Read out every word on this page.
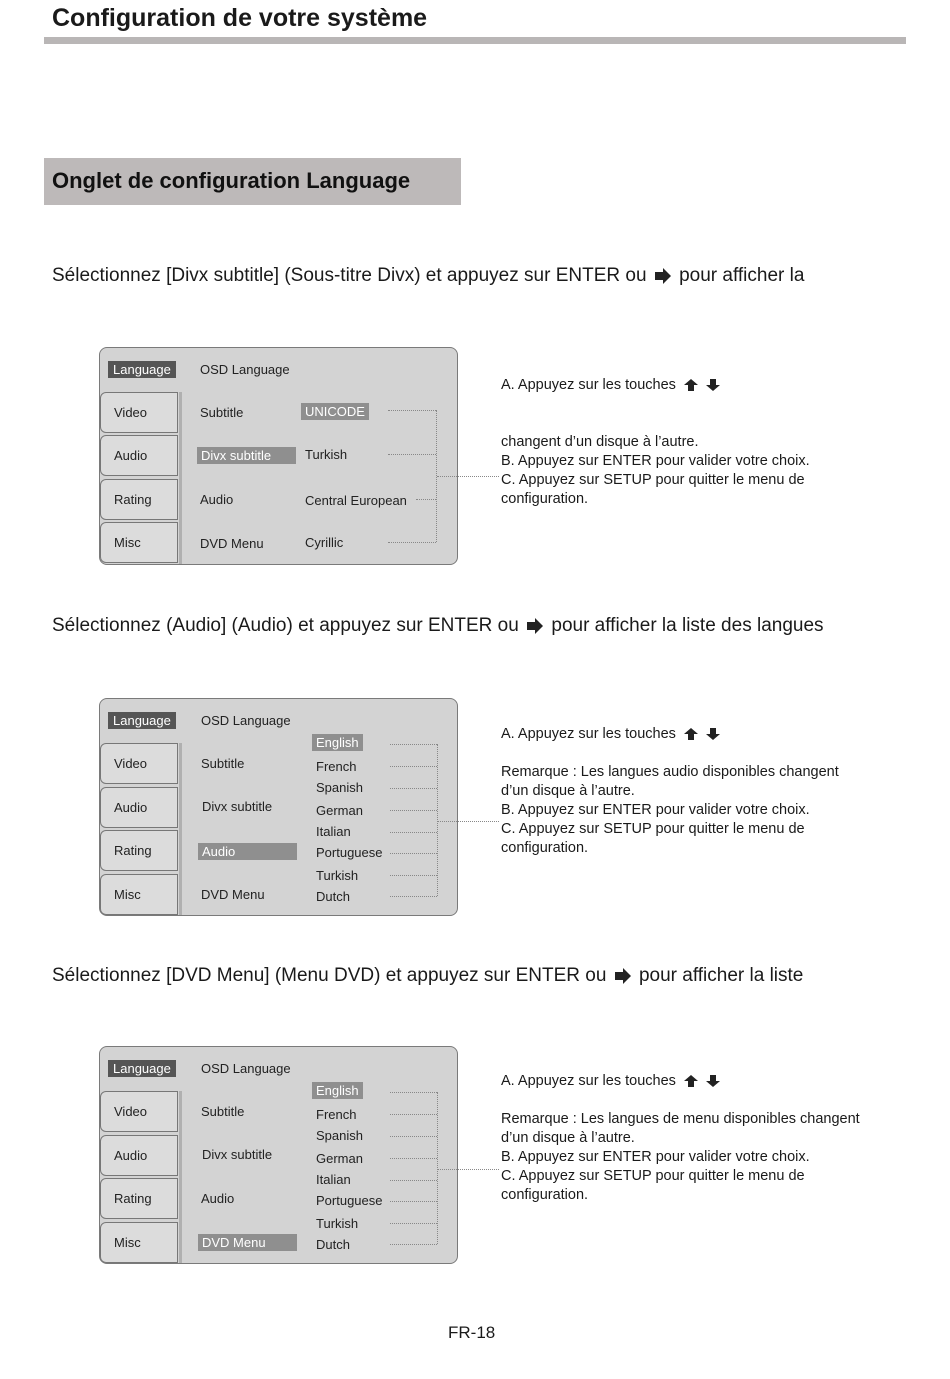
Configuration de votre système
Onglet de configuration Language
Sélectionnez [Divx subtitle] (Sous-titre Divx) et appuyez sur ENTER ou pour afficher la
Language
Video
Audio
Rating
Misc
OSD Language
Subtitle
Divx subtitle
Audio
DVD Menu
UNICODE
Turkish
Central European
Cyrillic
A. Appuyez sur les touches
changent d’un disque à l’autre.
B. Appuyez sur ENTER pour valider votre choix.
C. Appuyez sur SETUP pour quitter le menu de
configuration.
Sélectionnez (Audio] (Audio) et appuyez sur ENTER ou pour afficher la liste des langues
Language
Video
Audio
Rating
Misc
OSD Language
Subtitle
Divx subtitle
Audio
DVD Menu
English
French
Spanish
German
Italian
Portuguese
Turkish
Dutch
A. Appuyez sur les touches
Remarque : Les langues audio disponibles changent
d’un disque à l’autre.
B. Appuyez sur ENTER pour valider votre choix.
C. Appuyez sur SETUP pour quitter le menu de
configuration.
Sélectionnez [DVD Menu] (Menu DVD) et appuyez sur ENTER ou pour afficher la liste
Language
Video
Audio
Rating
Misc
OSD Language
Subtitle
Divx subtitle
Audio
DVD Menu
English
French
Spanish
German
Italian
Portuguese
Turkish
Dutch
A. Appuyez sur les touches
Remarque : Les langues de menu disponibles changent
d’un disque à l’autre.
B. Appuyez sur ENTER pour valider votre choix.
C. Appuyez sur SETUP pour quitter le menu de
configuration.
FR-18
